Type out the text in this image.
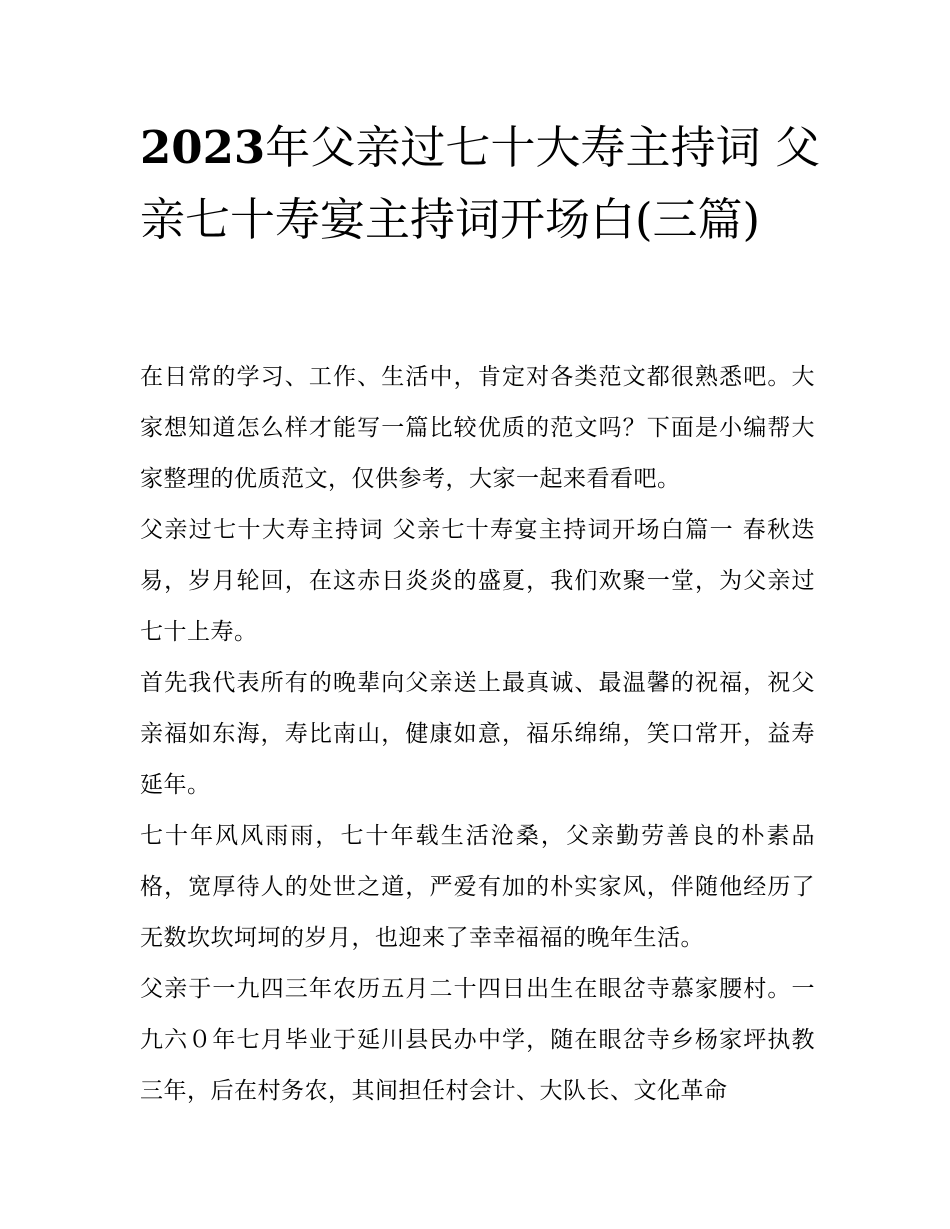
2023年父亲过七十大寿主持词 父亲七十寿宴主持词开场白(三篇)

在日常的学习、工作、生活中，肯定对各类范文都很熟悉吧。大家想知道怎么样才能写一篇比较优质的范文吗？下面是小编帮大家整理的优质范文，仅供参考，大家一起来看看吧。

父亲过七十大寿主持词 父亲七十寿宴主持词开场白篇一 春秋迭易，岁月轮回，在这赤日炎炎的盛夏，我们欢聚一堂，为父亲过七十上寿。

首先我代表所有的晚辈向父亲送上最真诚、最温馨的祝福，祝父亲福如东海，寿比南山，健康如意，福乐绵绵，笑口常开，益寿延年。

七十年风风雨雨，七十年载生活沧桑，父亲勤劳善良的朴素品格，宽厚待人的处世之道，严爱有加的朴实家风，伴随他经历了无数坎坎坷坷的岁月，也迎来了幸幸福福的晚年生活。

父亲于一九四三年农历五月二十四日出生在眼岔寺慕家腰村。一九六０年七月毕业于延川县民办中学，随在眼岔寺乡杨家坪执教三年，后在村务农，其间担任村会计、大队长、文化革命
